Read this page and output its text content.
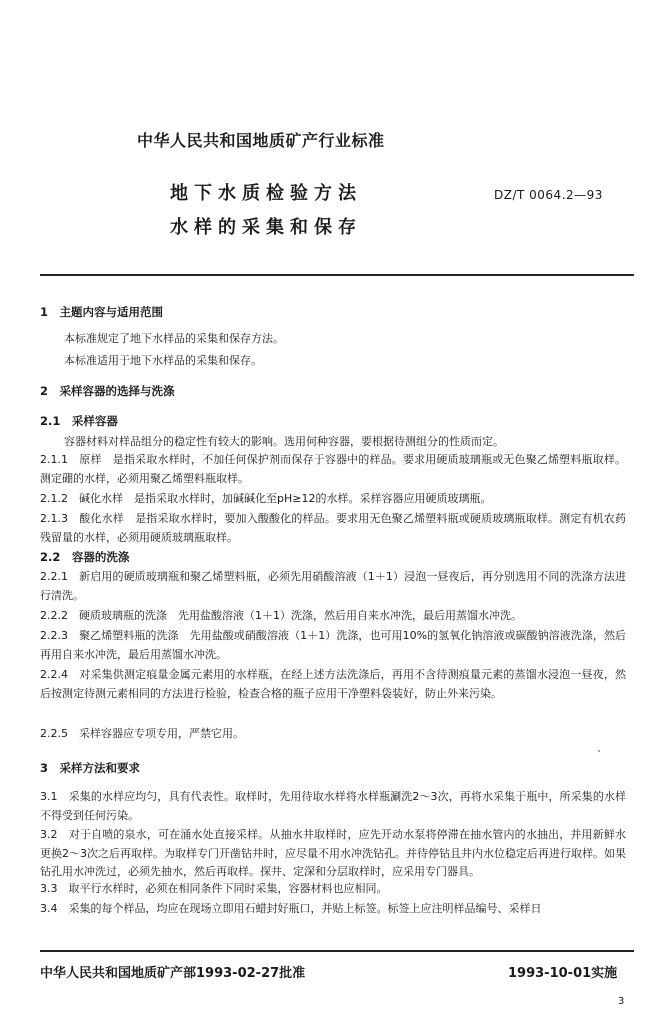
中华人民共和国地质矿产行业标准
地下水质检验方法
水样的采集和保存
DZ/T 0064.2—93
1　主题内容与适用范围
本标准规定了地下水样品的采集和保存方法。
本标准适用于地下水样品的采集和保存。
2　采样容器的选择与洗涤
2.1　采样容器
容器材料对样品组分的稳定性有较大的影响。选用何种容器，要根据待测组分的性质而定。
2.1.1　原样　是指采取水样时，不加任何保护剂而保存于容器中的样品。要求用硬质玻璃瓶或无色聚乙烯塑料瓶取样。测定硼的水样，必须用聚乙烯塑料瓶取样。
2.1.2　碱化水样　是指采取水样时，加碱碱化至pH≥12的水样。采样容器应用硬质玻璃瓶。
2.1.3　酸化水样　是指采取水样时，要加入酸酸化的样品。要求用无色聚乙烯塑料瓶或硬质玻璃瓶取样。测定有机农药残留量的水样，必须用硬质玻璃瓶取样。
2.2　容器的洗涤
2.2.1　新启用的硬质玻璃瓶和聚乙烯塑料瓶，必须先用硝酸溶液（1＋1）浸泡一昼夜后，再分别选用不同的洗涤方法进行清洗。
2.2.2　硬质玻璃瓶的洗涤　先用盐酸溶液（1＋1）洗涤，然后用自来水冲洗，最后用蒸馏水冲洗。
2.2.3　聚乙烯塑料瓶的洗涤　先用盐酸或硝酸溶液（1＋1）洗涤，也可用10%的氢氧化钠溶液或碳酸钠溶液洗涤，然后再用自来水冲洗，最后用蒸馏水冲洗。
2.2.4　对采集供测定痕量金属元素用的水样瓶，在经上述方法洗涤后，再用不含待测痕量元素的蒸馏水浸泡一昼夜，然后按测定待测元素相同的方法进行检验，检查合格的瓶子应用干净塑料袋装好，防止外来污染。
2.2.5　采样容器应专项专用，严禁它用。
3　采样方法和要求
3.1　采集的水样应均匀，具有代表性。取样时，先用待取水样将水样瓶涮洗2～3次，再将水采集于瓶中，所采集的水样不得受到任何污染。
3.2　对于自喷的泉水，可在涌水处直接采样。从抽水井取样时，应先开动水泵将停滞在抽水管内的水抽出，并用新鲜水更换2～3次之后再取样。为取样专门开凿钻井时，应尽量不用水冲洗钻孔。并待停钻且井内水位稳定后再进行取样。如果钻孔用水冲洗过，必须先抽水，然后再取样。探井、定深和分层取样时，应采用专门器具。
3.3　取平行水样时，必须在相同条件下同时采集，容器材料也应相同。
3.4　采集的每个样品，均应在现场立即用石蜡封好瓶口，并贴上标签。标签上应注明样品编号、采样日
中华人民共和国地质矿产部1993-02-27批准	1993-10-01实施
3
